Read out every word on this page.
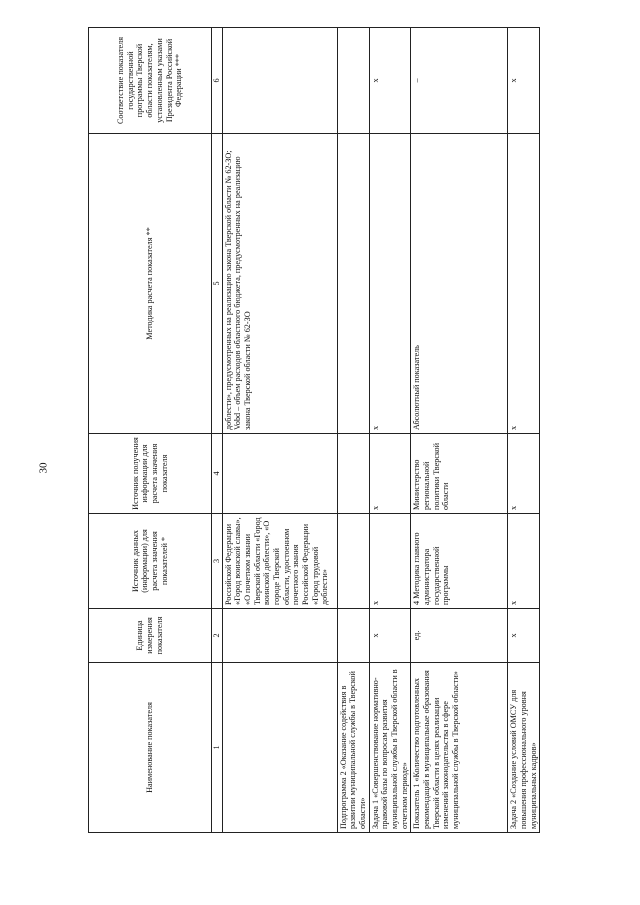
30
Наименование показателя	Единица измерения показателя	Источник данных (информации) для расчета значения показателей *	Источник получения информации для расчета значения показателя	Методика расчета показателя **	Соответствие показателя государственной программы Тверской области показателям, установленным указами Президента Российской Федерации ***
1	2	3	4	5	6
		Российской Федерации «Город воинской славы», «О почетном звании Тверской области «Город воинской доблести», «О городе Тверской области, удостоенном почетного звания Российской Федерации «Город трудовой доблести»		доблести», предусмотренных на реализацию закона Тверской области № 62-ЗО; Vobd – объем расходов областного бюджета, предусмотренных на реализацию закона Тверской области № 62-ЗО	
Подпрограмма 2 «Оказание содействия в развитии муниципальной службы в Тверской области»					
Задача 1 «Совершенствование нормативно-правовой базы по вопросам развития муниципальной службы в Тверской области в отчетном периоде»	х	х	х	х	х
Показатель 1 «Количество подготовленных рекомендаций в муниципальные образования Тверской области в целях реализации изменений законодательства в сфере муниципальной службы в Тверской области»	ед.	4 Методика главного администратора государственной программы	Министерство региональной политики Тверской области	Абсолютный показатель	–
Задача 2 «Создание условий ОМСУ для повышения профессионального уровня муниципальных кадров»	х	х	х	х	х
